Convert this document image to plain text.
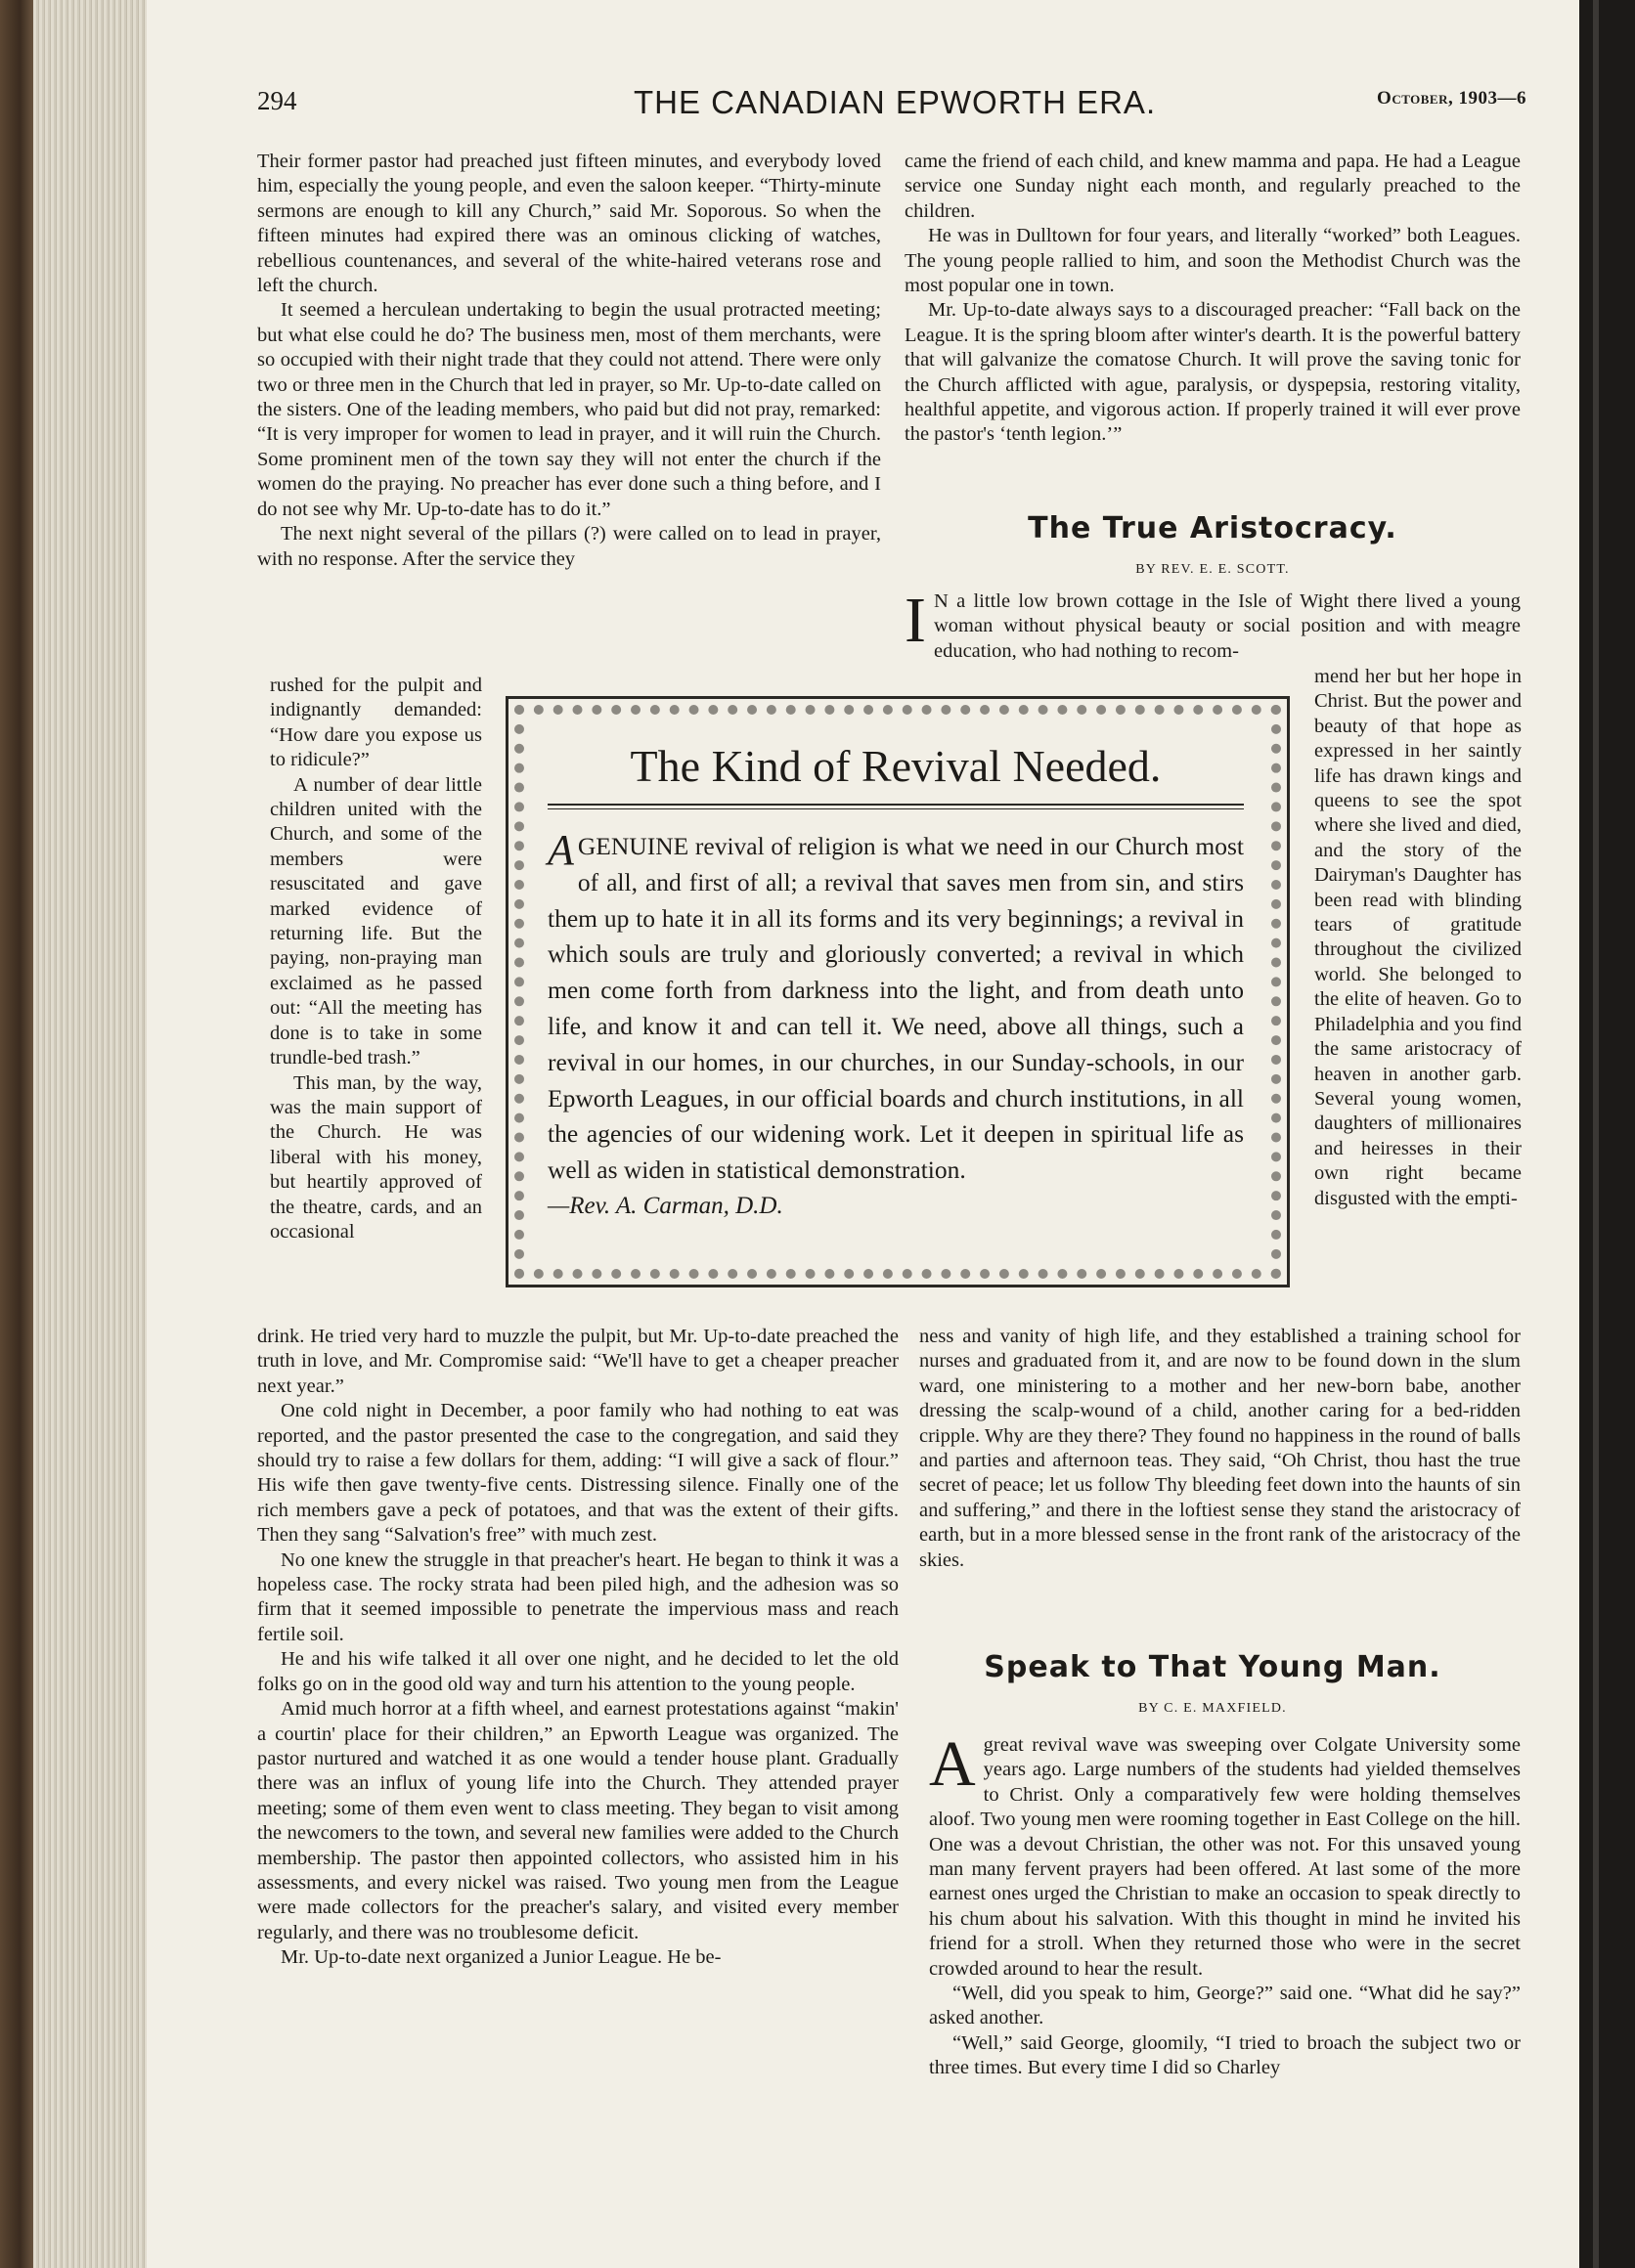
294	THE CANADIAN EPWORTH ERA.	October, 1903—6

Their former pastor had preached just fifteen minutes, and everybody loved him, especially the young people, and even the saloon keeper. “Thirty-minute sermons are enough to kill any Church,” said Mr. Soporous. So when the fifteen minutes had expired there was an ominous clicking of watches, rebellious countenances, and several of the white-haired veterans rose and left the church.

It seemed a herculean undertaking to begin the usual protracted meeting; but what else could he do? The business men, most of them merchants, were so occupied with their night trade that they could not attend. There were only two or three men in the Church that led in prayer, so Mr. Up-to-date called on the sisters. One of the leading members, who paid but did not pray, remarked: “It is very improper for women to lead in prayer, and it will ruin the Church. Some prominent men of the town say they will not enter the church if the women do the praying. No preacher has ever done such a thing before, and I do not see why Mr. Up-to-date has to do it.”

The next night several of the pillars (?) were called on to lead in prayer, with no response. After the service they

rushed for the pulpit and indignantly demanded: “How dare you expose us to ridicule?”

A number of dear little children united with the Church, and some of the members were resuscitated and gave marked evidence of returning life. But the paying, non-praying man exclaimed as he passed out: “All the meeting has done is to take in some trundle-bed trash.”

This man, by the way, was the main support of the Church. He was liberal with his money, but heartily approved of the theatre, cards, and an occasional

drink. He tried very hard to muzzle the pulpit, but Mr. Up-to-date preached the truth in love, and Mr. Compromise said: “We'll have to get a cheaper preacher next year.”

One cold night in December, a poor family who had nothing to eat was reported, and the pastor presented the case to the congregation, and said they should try to raise a few dollars for them, adding: “I will give a sack of flour.” His wife then gave twenty-five cents. Distressing silence. Finally one of the rich members gave a peck of potatoes, and that was the extent of their gifts. Then they sang “Salvation's free” with much zest.

No one knew the struggle in that preacher's heart. He began to think it was a hopeless case. The rocky strata had been piled high, and the adhesion was so firm that it seemed impossible to penetrate the impervious mass and reach fertile soil.

He and his wife talked it all over one night, and he decided to let the old folks go on in the good old way and turn his attention to the young people.

Amid much horror at a fifth wheel, and earnest protestations against “makin' a courtin' place for their children,” an Epworth League was organized. The pastor nurtured and watched it as one would a tender house plant. Gradually there was an influx of young life into the Church. They attended prayer meeting; some of them even went to class meeting. They began to visit among the newcomers to the town, and several new families were added to the Church membership. The pastor then appointed collectors, who assisted him in his assessments, and every nickel was raised. Two young men from the League were made collectors for the preacher's salary, and visited every member regularly, and there was no troublesome deficit.

Mr. Up-to-date next organized a Junior League. He be-

came the friend of each child, and knew mamma and papa. He had a League service one Sunday night each month, and regularly preached to the children.

He was in Dulltown for four years, and literally “worked” both Leagues. The young people rallied to him, and soon the Methodist Church was the most popular one in town.

Mr. Up-to-date always says to a discouraged preacher: “Fall back on the League. It is the spring bloom after winter's dearth. It is the powerful battery that will galvanize the comatose Church. It will prove the saving tonic for the Church afflicted with ague, paralysis, or dyspepsia, restoring vitality, healthful appetite, and vigorous action. If properly trained it will ever prove the pastor's ‘tenth legion.’”

The True Aristocracy.
BY REV. E. E. SCOTT.

I N a little low brown cottage in the Isle of Wight there lived a young woman without physical beauty or social position and with meagre education, who had nothing to recom-

mend her but her hope in Christ. But the power and beauty of that hope as expressed in her saintly life has drawn kings and queens to see the spot where she lived and died, and the story of the Dairyman's Daughter has been read with blinding tears of gratitude throughout the civilized world. She belonged to the elite of heaven. Go to Philadelphia and you find the same aristocracy of heaven in another garb. Several young women, daughters of millionaires and heiresses in their own right became disgusted with the empti-

ness and vanity of high life, and they established a training school for nurses and graduated from it, and are now to be found down in the slum ward, one ministering to a mother and her new-born babe, another dressing the scalp-wound of a child, another caring for a bed-ridden cripple. Why are they there? They found no happiness in the round of balls and parties and afternoon teas. They said, “Oh Christ, thou hast the true secret of peace; let us follow Thy bleeding feet down into the haunts of sin and suffering,” and there in the loftiest sense they stand the aristocracy of earth, but in a more blessed sense in the front rank of the aristocracy of the skies.

Speak to That Young Man.
BY C. E. MAXFIELD.

Agreat revival wave was sweeping over Colgate University some years ago. Large numbers of the students had yielded themselves to Christ. Only a comparatively few were holding themselves aloof. Two young men were rooming together in East College on the hill. One was a devout Christian, the other was not. For this unsaved young man many fervent prayers had been offered. At last some of the more earnest ones urged the Christian to make an occasion to speak directly to his chum about his salvation. With this thought in mind he invited his friend for a stroll. When they returned those who were in the secret crowded around to hear the result.

“Well, did you speak to him, George?” said one. “What did he say?” asked another.

“Well,” said George, gloomily, “I tried to broach the subject two or three times. But every time I did so Charley

The Kind of Revival Needed.
A GENUINE revival of religion is what we need in our Church most of all, and first of all; a revival that saves men from sin, and stirs them up to hate it in all its forms and its very beginnings; a revival in which souls are truly and gloriously converted; a revival in which men come forth from darkness into the light, and from death unto life, and know it and can tell it. We need, above all things, such a revival in our homes, in our churches, in our Sunday-schools, in our Epworth Leagues, in our official boards and church institutions, in all the agencies of our widening work. Let it deepen in spiritual life as well as widen in statistical demonstration.
—Rev. A. Carman, D.D.
